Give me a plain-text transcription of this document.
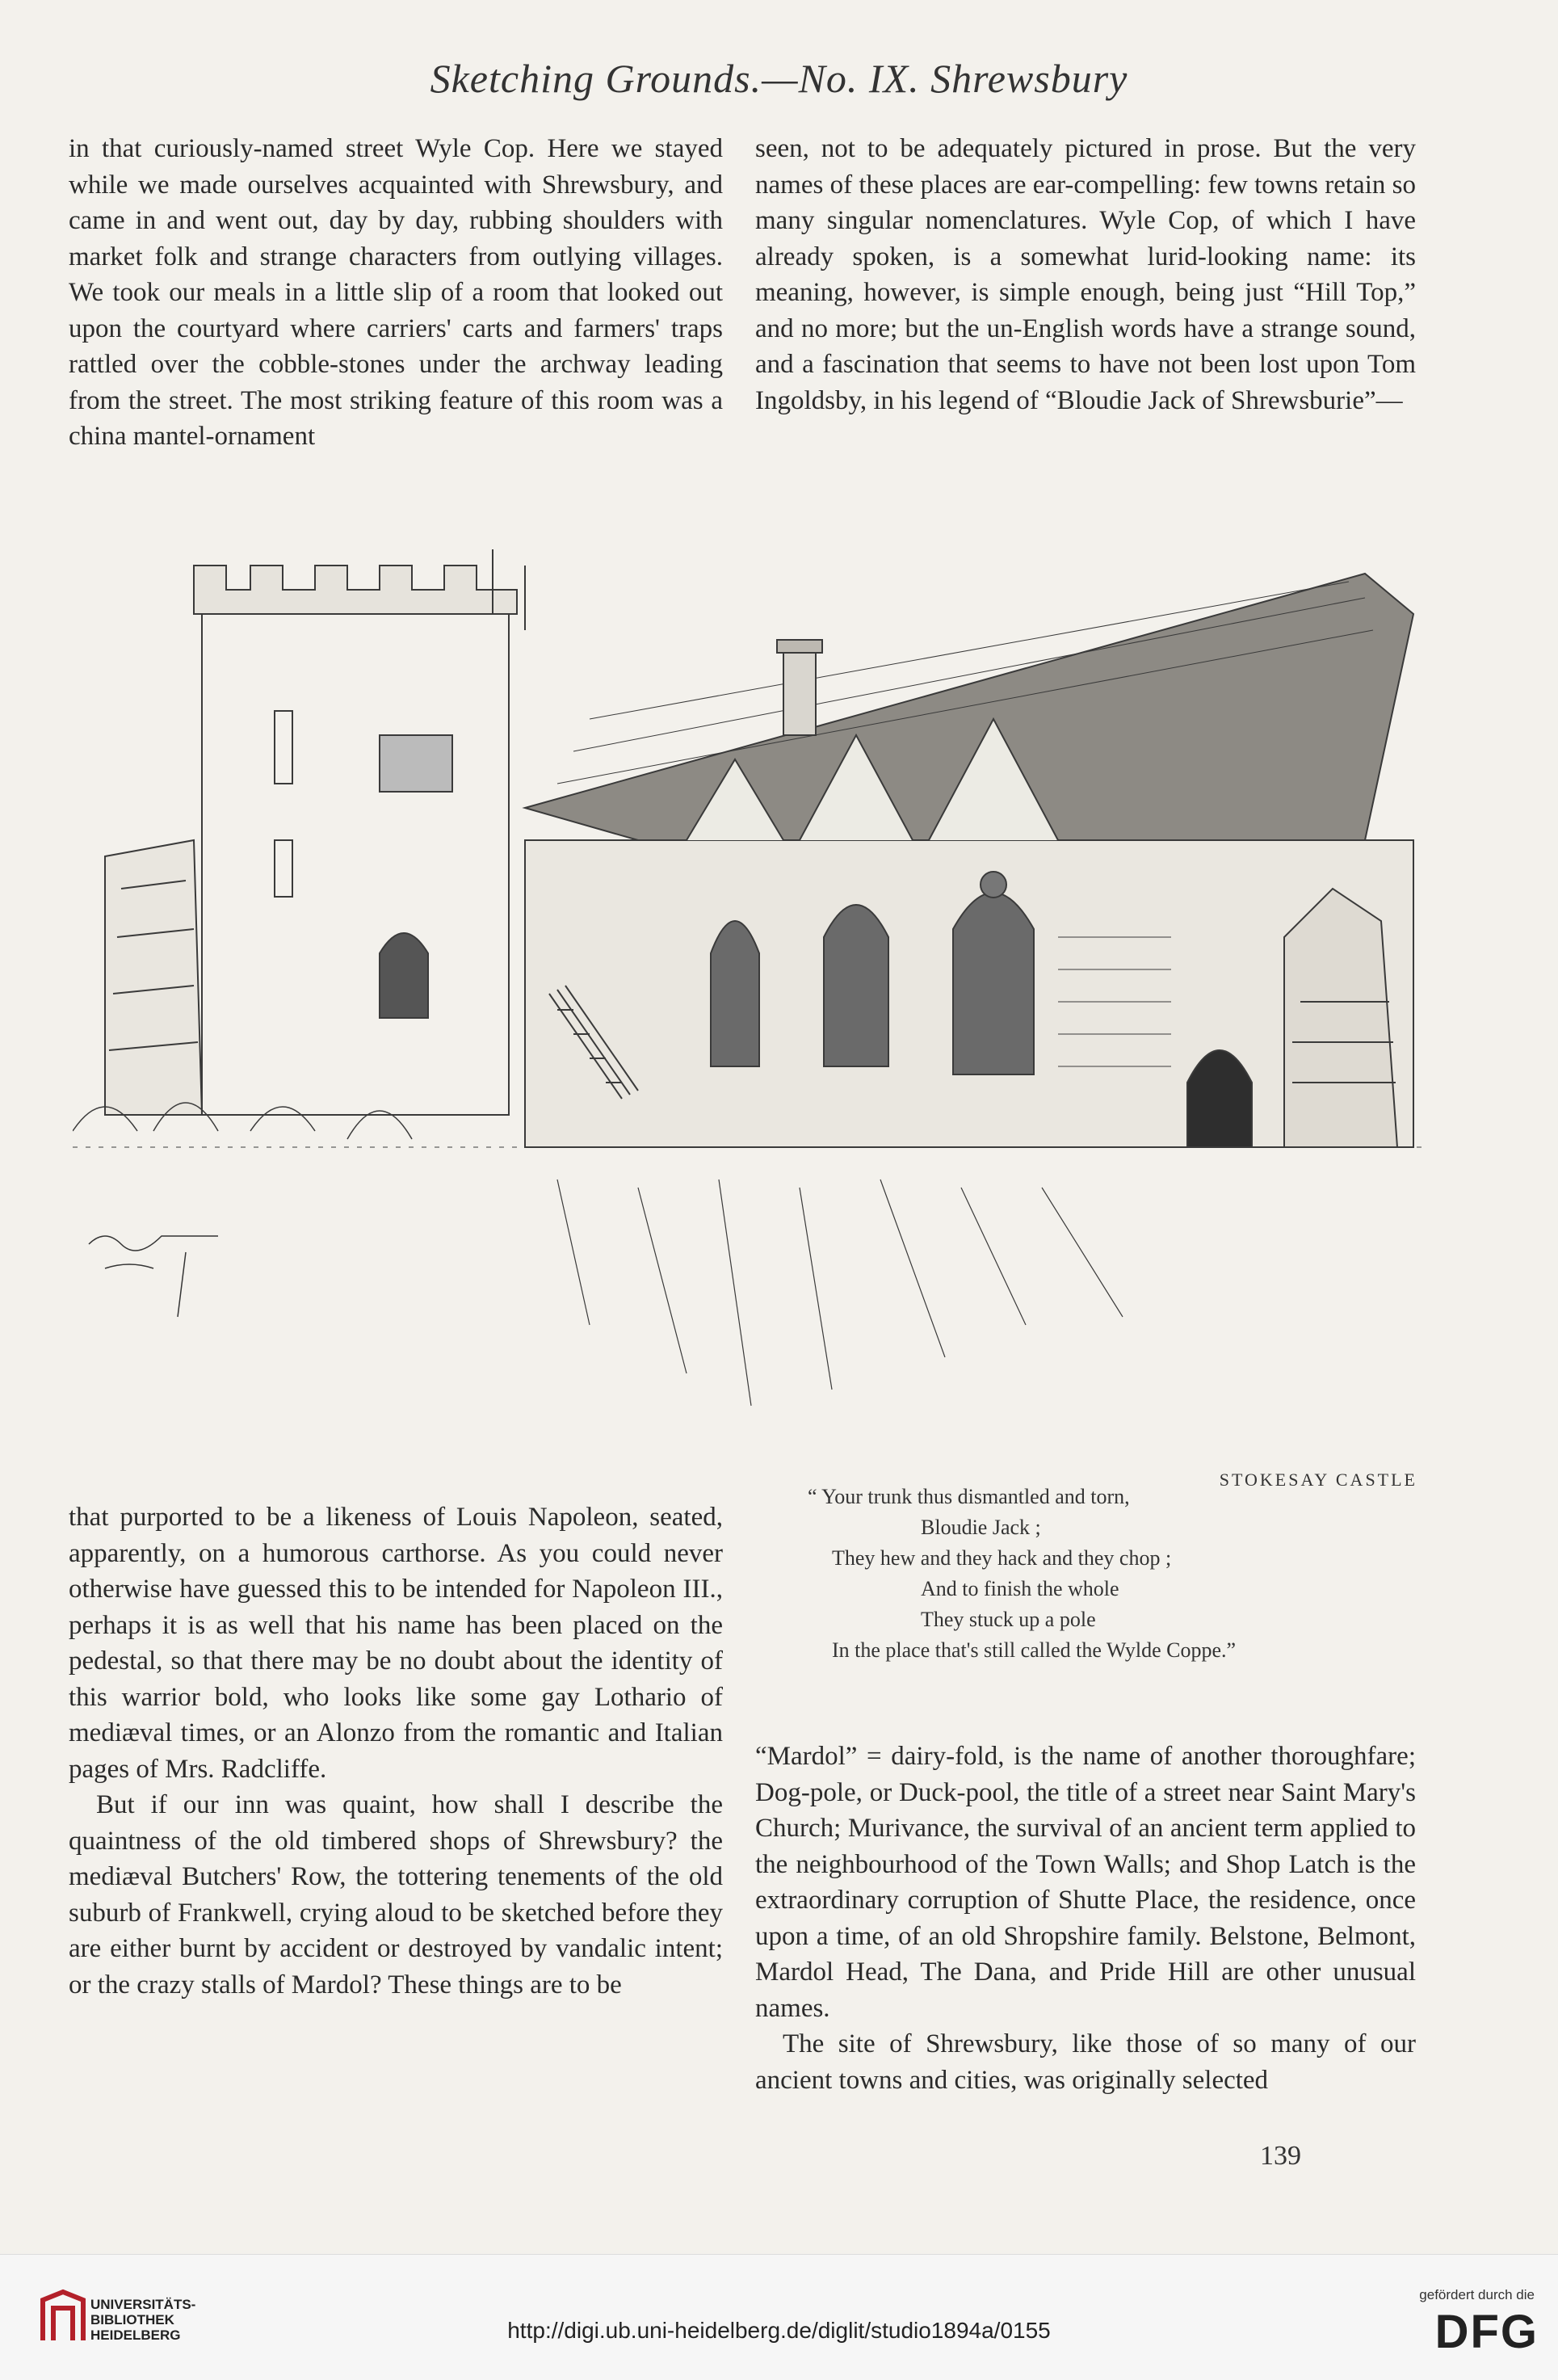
Sketching Grounds.—No. IX. Shrewsbury

in that curiously-named street Wyle Cop. Here we stayed while we made ourselves acquainted with Shrewsbury, and came in and went out, day by day, rubbing shoulders with market folk and strange characters from outlying villages. We took our meals in a little slip of a room that looked out upon the courtyard where carriers' carts and farmers' traps rattled over the cobble-stones under the archway leading from the street. The most striking feature of this room was a china mantel-ornament

seen, not to be adequately pictured in prose. But the very names of these places are ear-compelling: few towns retain so many singular nomenclatures. Wyle Cop, of which I have already spoken, is a somewhat lurid-looking name: its meaning, however, is simple enough, being just “Hill Top,” and no more; but the un-English words have a strange sound, and a fascination that seems to have not been lost upon Tom Ingoldsby, in his legend of “Bloudie Jack of Shrewsburie”—

STOKESAY CASTLE

that purported to be a likeness of Louis Napoleon, seated, apparently, on a humorous carthorse. As you could never otherwise have guessed this to be intended for Napoleon III., perhaps it is as well that his name has been placed on the pedestal, so that there may be no doubt about the identity of this warrior bold, who looks like some gay Lothario of mediæval times, or an Alonzo from the romantic and Italian pages of Mrs. Radcliffe.

But if our inn was quaint, how shall I describe the quaintness of the old timbered shops of Shrewsbury? the mediæval Butchers' Row, the tottering tenements of the old suburb of Frankwell, crying aloud to be sketched before they are either burnt by accident or destroyed by vandalic intent; or the crazy stalls of Mardol? These things are to be

“ Your trunk thus dismantled and torn,
Bloudie Jack ;
They hew and they hack and they chop ;
And to finish the whole
They stuck up a pole
In the place that's still called the Wylde Coppe.”

“Mardol” = dairy-fold, is the name of another thoroughfare; Dog-pole, or Duck-pool, the title of a street near Saint Mary's Church; Murivance, the survival of an ancient term applied to the neighbourhood of the Town Walls; and Shop Latch is the extraordinary corruption of Shutte Place, the residence, once upon a time, of an old Shropshire family. Belstone, Belmont, Mardol Head, The Dana, and Pride Hill are other unusual names.

The site of Shrewsbury, like those of so many of our ancient towns and cities, was originally selected

139
UNIVERSITÄTS-
BIBLIOTHEK
HEIDELBERG	http://digi.ub.uni-heidelberg.de/diglit/studio1894a/0155
gefördert durch die
DFG
